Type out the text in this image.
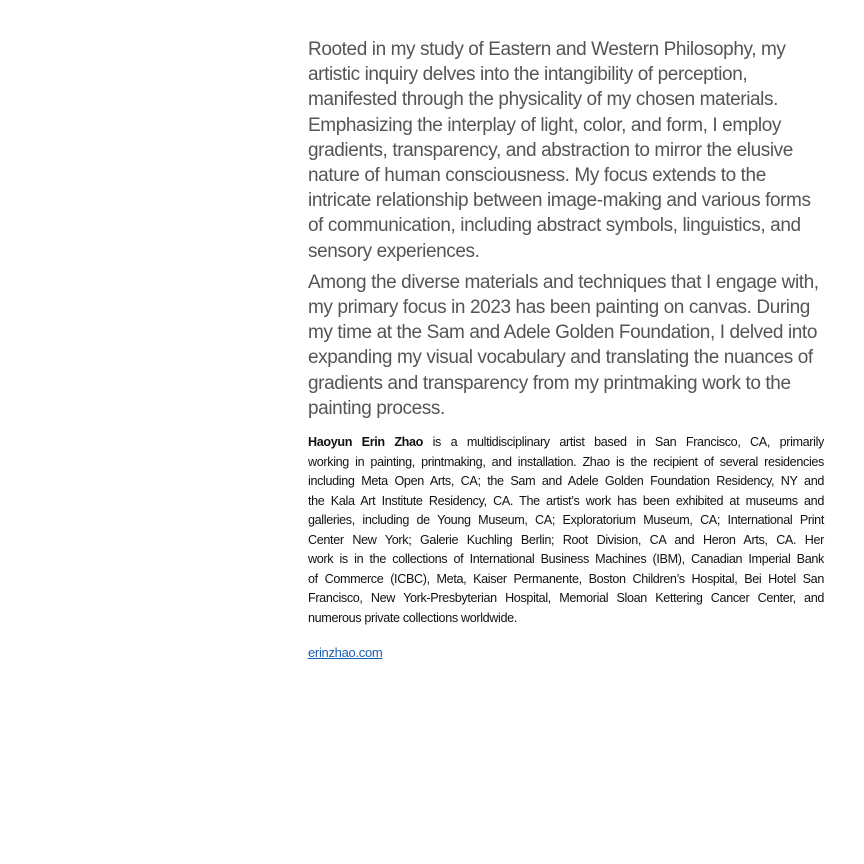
Rooted in my study of Eastern and Western Philosophy, my
artistic inquiry delves into the intangibility of perception,
manifested through the physicality of my chosen materials.
Emphasizing the interplay of light, color, and form, I employ
gradients, transparency, and abstraction to mirror the elusive
nature of human consciousness. My focus extends to the
intricate relationship between image-making and various forms
of communication, including abstract symbols, linguistics, and
sensory experiences.

Among the diverse materials and techniques that I engage with,
my primary focus in 2023 has been painting on canvas. During
my time at the Sam and Adele Golden Foundation, I delved into
expanding my visual vocabulary and translating the nuances of
gradients and transparency from my printmaking work to the
painting process.

Haoyun Erin Zhao is a multidisciplinary artist based in San Francisco, CA, primarily
working in painting, printmaking, and installation. Zhao is the recipient of several residencies
including Meta Open Arts, CA; the Sam and Adele Golden Foundation Residency, NY and
the Kala Art Institute Residency, CA. The artist’s work has been exhibited at museums and
galleries, including de Young Museum, CA; Exploratorium Museum, CA; International Print
Center New York; Galerie Kuchling Berlin; Root Division, CA and Heron Arts, CA. Her
work is in the collections of International Business Machines (IBM), Canadian Imperial Bank
of Commerce (ICBC), Meta, Kaiser Permanente, Boston Children’s Hospital, Bei Hotel San
Francisco, New York-Presbyterian Hospital, Memorial Sloan Kettering Cancer Center, and
numerous private collections worldwide.
erinzhao.com
